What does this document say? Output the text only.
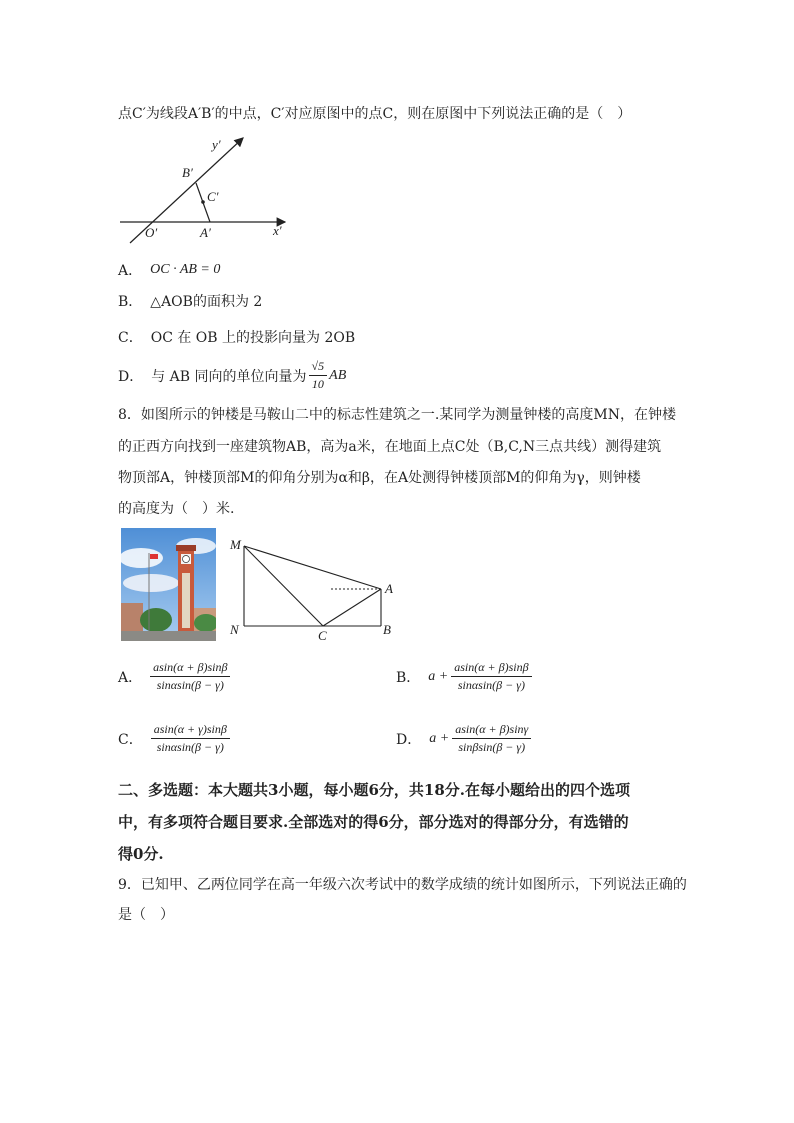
点C′为线段A′B′的中点，C′对应原图中的点C，则在原图中下列说法正确的是（　）
y′
x′
B′
C′
O′	A′
A． OC · AB = 0
B． △AOB的面积为 2
C． OC 在 OB 上的投影向量为 2OB
D． 与 AB 同向的单位向量为 $\frac{√5}{10}$ AB
8．如图所示的钟楼是马鞍山二中的标志性建筑之一.某同学为测量钟楼的高度MN，在钟楼
的正西方向找到一座建筑物AB，高为a米，在地面上点C处（B,C,N三点共线）测得建筑
物顶部A，钟楼顶部M的仰角分别为α和β，在A处测得钟楼顶部M的仰角为γ，则钟楼
的高度为（　）米.
M
N	C	B
A
A． $\frac{asin(\alpha + \beta)\sin\beta}{\sin\alpha\sin(\beta - \gamma)}$	B． $a + \frac{asin(\alpha + \beta)\sin\beta}{\sin\alpha\sin(\beta - \gamma)}$
C． $\frac{asin(\alpha + \gamma)\sin\beta}{\sin\alpha\sin(\beta - \gamma)}$	D． $a + \frac{asin(\alpha + \beta)\sin\gamma}{\sin\beta\sin(\beta - \gamma)}$
二、多选题：本大题共3小题，每小题6分，共18分.在每小题给出的四个选项
中，有多项符合题目要求.全部选对的得6分，部分选对的得部分分，有选错的
得0分.
9．已知甲、乙两位同学在高一年级六次考试中的数学成绩的统计如图所示，下列说法正确的
是（　）
